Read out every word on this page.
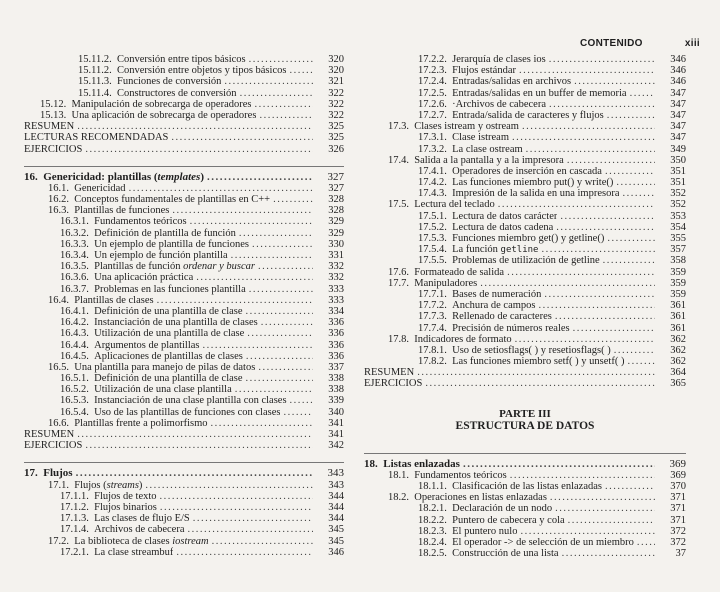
CONTENIDO	xiii
15.11.2. Conversión entre tipos básicos .....	320
15.11.2. Conversión entre objetos y tipos básicos .....	320
15.11.3. Funciones de conversión .....	321
15.11.4. Constructores de conversión .....	322
15.12. Manipulación de sobrecarga de operadores .....	322
15.13. Una aplicación de sobrecarga de operadores .....	322
RESUMEN .....	325
LECTURAS RECOMENDADAS .....	325
EJERCICIOS .....	326
16. Genericidad: plantillas (templates) .....	327
16.1. Genericidad .....	327
16.2. Conceptos fundamentales de plantillas en C++ .....	328
16.3. Plantillas de funciones .....	328
16.3.1. Fundamentos teóricos .....	329
16.3.2. Definición de plantilla de función .....	329
16.3.3. Un ejemplo de plantilla de funciones .....	330
16.3.4. Un ejemplo de función plantilla .....	331
16.3.5. Plantillas de función ordenar y buscar .....	332
16.3.6. Una aplicación práctica .....	332
16.3.7. Problemas en las funciones plantilla .....	333
16.4. Plantillas de clases .....	333
16.4.1. Definición de una plantilla de clase .....	334
16.4.2. Instanciación de una plantilla de clases .....	336
16.4.3. Utilización de una plantilla de clase .....	336
16.4.4. Argumentos de plantillas .....	336
16.4.5. Aplicaciones de plantillas de clases .....	336
16.5. Una plantilla para manejo de pilas de datos .....	337
16.5.1. Definición de una plantilla de clase .....	338
16.5.2. Utilización de una clase plantilla .....	338
16.5.3. Instanciación de una clase plantilla con clases .....	339
16.5.4. Uso de las plantillas de funciones con clases .....	340
16.6. Plantillas frente a polimorfismo .....	341
RESUMEN .....	341
EJERCICIOS .....	342
17. Flujos .....	343
17.1. Flujos (streams) .....	343
17.1.1. Flujos de texto .....	344
17.1.2. Flujos binarios .....	344
17.1.3. Las clases de flujo E/S .....	344
17.1.4. Archivos de cabecera .....	345
17.2. La biblioteca de clases iostream .....	345
17.2.1. La clase streambuf .....	346
17.2.2. Jerarquía de clases ios .....	346
17.2.3. Flujos estándar .....	346
17.2.4. Entradas/salidas en archivos .....	346
17.2.5. Entradas/salidas en un buffer de memoria .....	347
17.2.6. ·Archivos de cabecera .....	347
17.2.7. Entrada/salida de caracteres y flujos .....	347
17.3. Clases istream y ostream .....	347
17.3.1. Clase istream .....	347
17.3.2. La clase ostream .....	349
17.4. Salida a la pantalla y a la impresora .....	350
17.4.1. Operadores de inserción en cascada .....	351
17.4.2. Las funciones miembro put() y write() .....	351
17.4.3. Impresión de la salida en una impresora .....	352
17.5. Lectura del teclado .....	352
17.5.1. Lectura de datos carácter .....	353
17.5.2. Lectura de datos cadena .....	354
17.5.3. Funciones miembro get() y getline() .....	355
17.5.4. La función getline .....	357
17.5.5. Problemas de utilización de getline .....	358
17.6. Formateado de salida .....	359
17.7. Manipuladores .....	359
17.7.1. Bases de numeración .....	359
17.7.2. Anchura de campos .....	361
17.7.3. Rellenado de caracteres .....	361
17.7.4. Precisión de números reales .....	361
17.8. Indicadores de formato .....	362
17.8.1. Uso de setiosflags( ) y resetiosflags( ) .....	362
17.8.2. Las funciones miembro setf( ) y unsetf( ) .....	362
RESUMEN .....	364
EJERCICIOS .....	365
PARTE III
ESTRUCTURA DE DATOS
18. Listas enlazadas .....	369
18.1. Fundamentos teóricos .....	369
18.1.1. Clasificación de las listas enlazadas .....	370
18.2. Operaciones en listas enlazadas .....	371
18.2.1. Declaración de un nodo .....	371
18.2.2. Puntero de cabecera y cola .....	371
18.2.3. El puntero nulo .....	372
18.2.4. El operador -> de selección de un miembro .....	372
18.2.5. Construcción de una lista .....	37
